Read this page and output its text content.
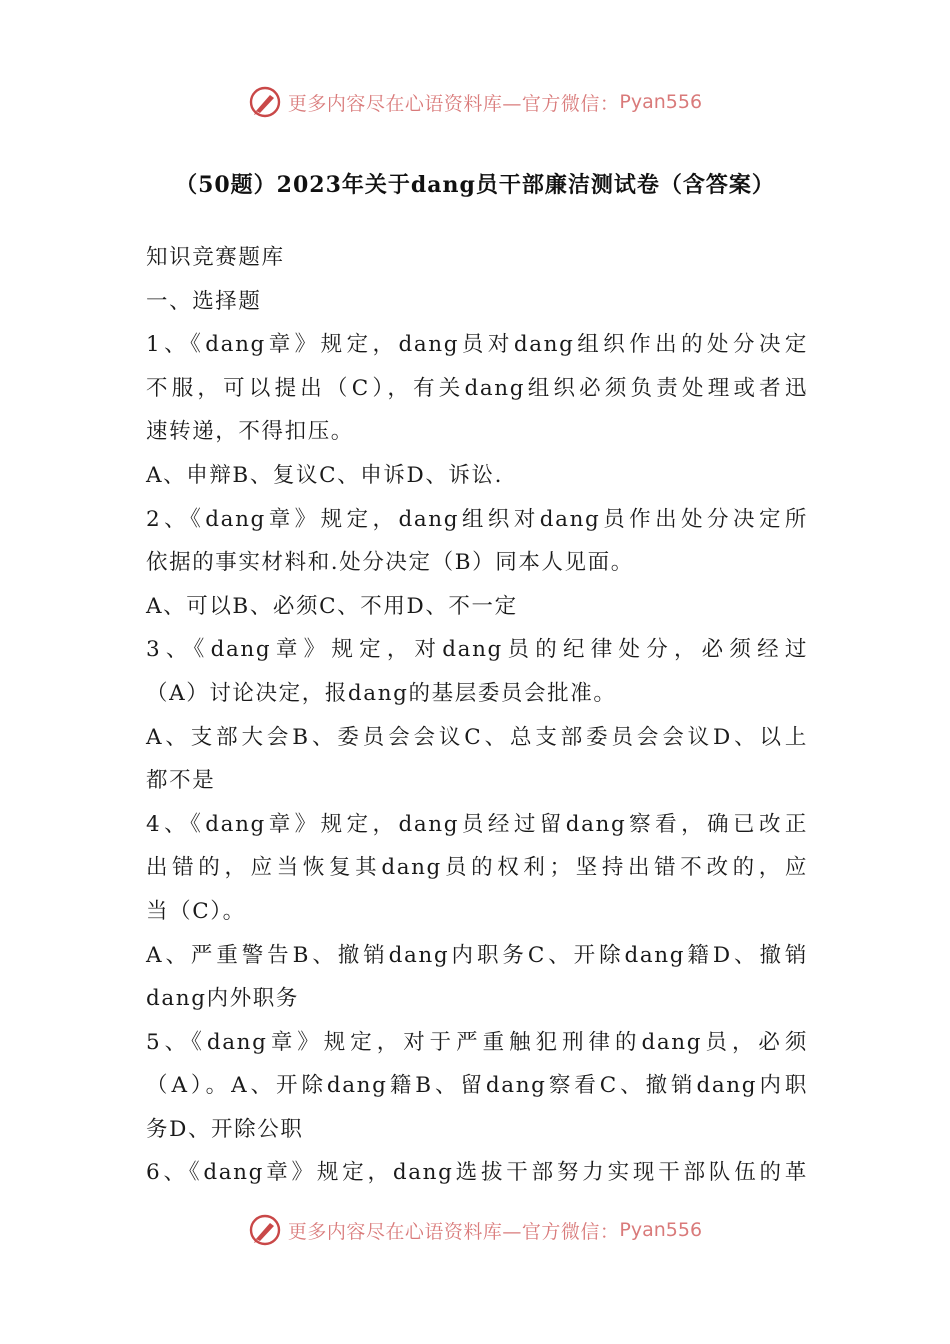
更多内容尽在心语资料库—官方微信： Pyan556
（50题）2023年关于dang员干部廉洁测试卷（含答案）
知识竞赛题库
一、选择题
1、《dang章》规定，dang员对dang组织作出的处分决定
不服，可以提出（C），有关dang组织必须负责处理或者迅
速转递，不得扣压。
A、申辩B、复议C、申诉D、诉讼.
2、《dang章》规定，dang组织对dang员作出处分决定所
依据的事实材料和.处分决定（B）同本人见面。
A、可以B、必须C、不用D、不一定
3、《dang章》规定，对dang员的纪律处分，必须经过
（A）讨论决定，报dang的基层委员会批准。
A、支部大会B、委员会会议C、总支部委员会会议D、以上
都不是
4、《dang章》规定，dang员经过留dang察看，确已改正
出错的，应当恢复其dang员的权利；坚持出错不改的，应
当（C）。
A、严重警告B、撤销dang内职务C、开除dang籍D、撤销
dang内外职务
5、《dang章》规定，对于严重触犯刑律的dang员，必须
（A）。A、开除dang籍B、留dang察看C、撤销dang内职
务D、开除公职
6、《dang章》规定，dang选拔干部努力实现干部队伍的革
更多内容尽在心语资料库—官方微信： Pyan556
